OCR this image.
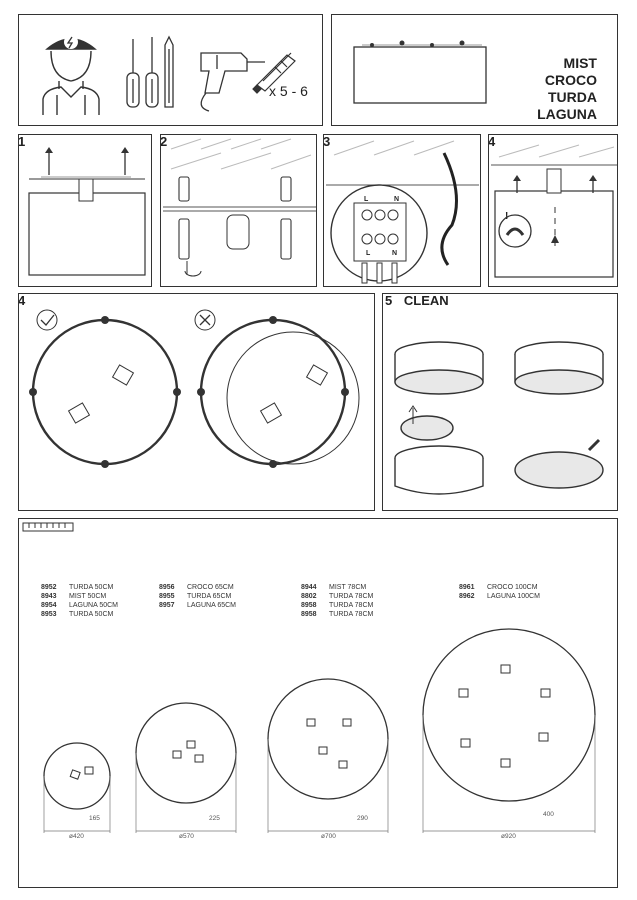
x 5 - 6
MIST
CROCO
TURDA
LAGUNA
1	2	3
L	N
L	N
4
!
4	5 CLEAN
8952 TURDA 50CM
8943 MIST 50CM
8954 LAGUNA 50CM
8953 TURDA 50CM
8956 CROCO 65CM
8955 TURDA 65CM
8957 LAGUNA 65CM
8944 MIST 78CM
8802 TURDA 78CM
8958 TURDA 78CM
8958 TURDA 78CM
8961 CROCO 100CM
8962 LAGUNA 100CM
165
ø420
225
ø570
290
ø700
400
ø920
